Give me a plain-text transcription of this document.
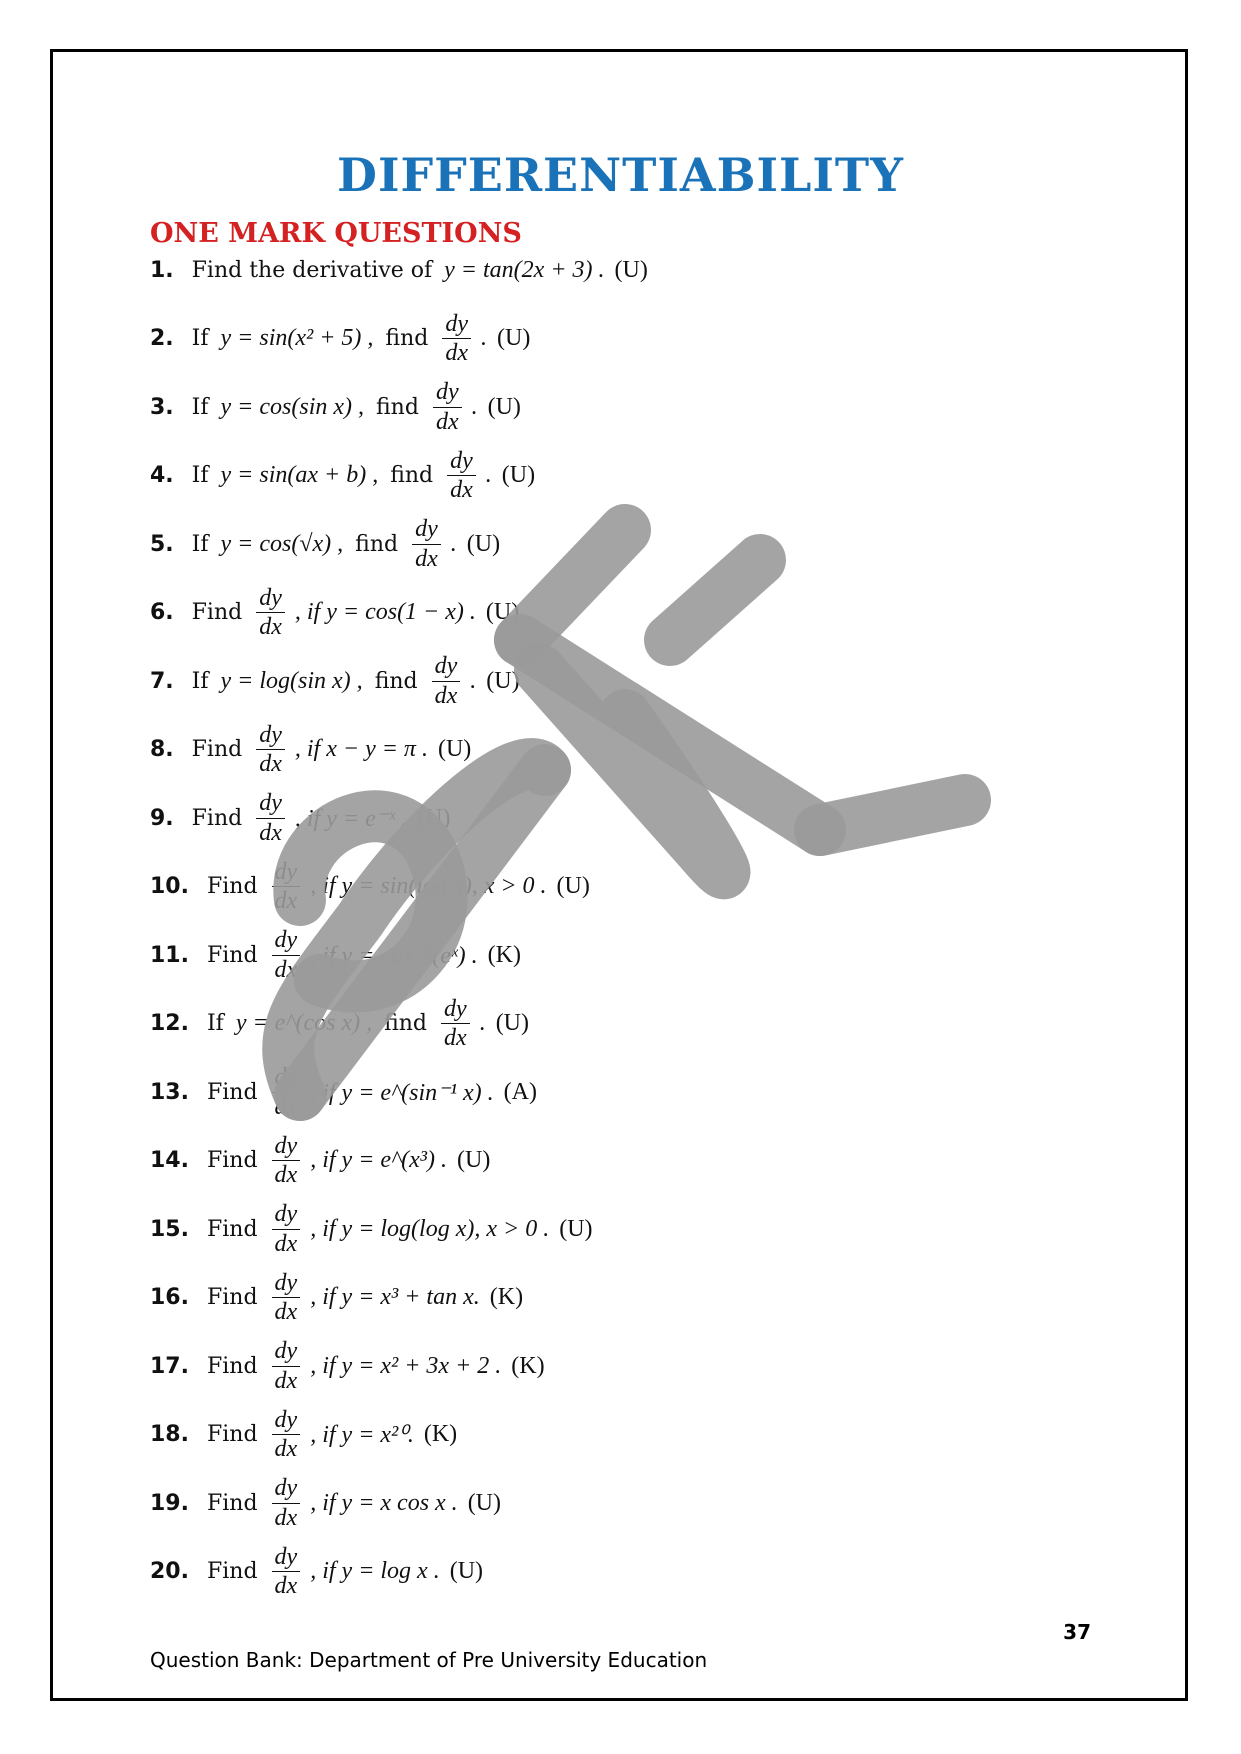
DIFFERENTIABILITY
ONE MARK QUESTIONS
1. Find the derivative of y = tan(2x + 3) . (U)
2. If y = sin(x² + 5) , find $\frac{dy}{dx}$ . (U)
3. If y = cos(sin x) , find $\frac{dy}{dx}$ . (U)
4. If y = sin(ax + b) , find $\frac{dy}{dx}$ . (U)
5. If y = cos(√x) , find $\frac{dy}{dx}$ . (U)
6. Find $\frac{dy}{dx}$ , if y = cos(1 − x) . (U)
7. If y = log(sin x) , find $\frac{dy}{dx}$ . (U)
8. Find $\frac{dy}{dx}$ , if x − y = π . (U)
9. Find $\frac{dy}{dx}$ , if y = e⁻ˣ . (U)
10. Find $\frac{dy}{dx}$ , if y = sin(log x), x > 0 . (U)
11. Find $\frac{dy}{dx}$ , if y = cos⁻¹(eˣ) . (K)
12. If y = e^(cos x) , find $\frac{dy}{dx}$ . (U)
13. Find $\frac{dy}{dx}$ , if y = e^(sin⁻¹ x) . (A)
14. Find $\frac{dy}{dx}$ , if y = e^(x³) . (U)
15. Find $\frac{dy}{dx}$ , if y = log(log x), x > 0 . (U)
16. Find $\frac{dy}{dx}$ , if y = x³ + tan x. (K)
17. Find $\frac{dy}{dx}$ , if y = x² + 3x + 2 . (K)
18. Find $\frac{dy}{dx}$ , if y = x²⁰. (K)
19. Find $\frac{dy}{dx}$ , if y = x cos x . (U)
20. Find $\frac{dy}{dx}$ , if y = log x . (U)
37
Question Bank: Department of Pre University Education
